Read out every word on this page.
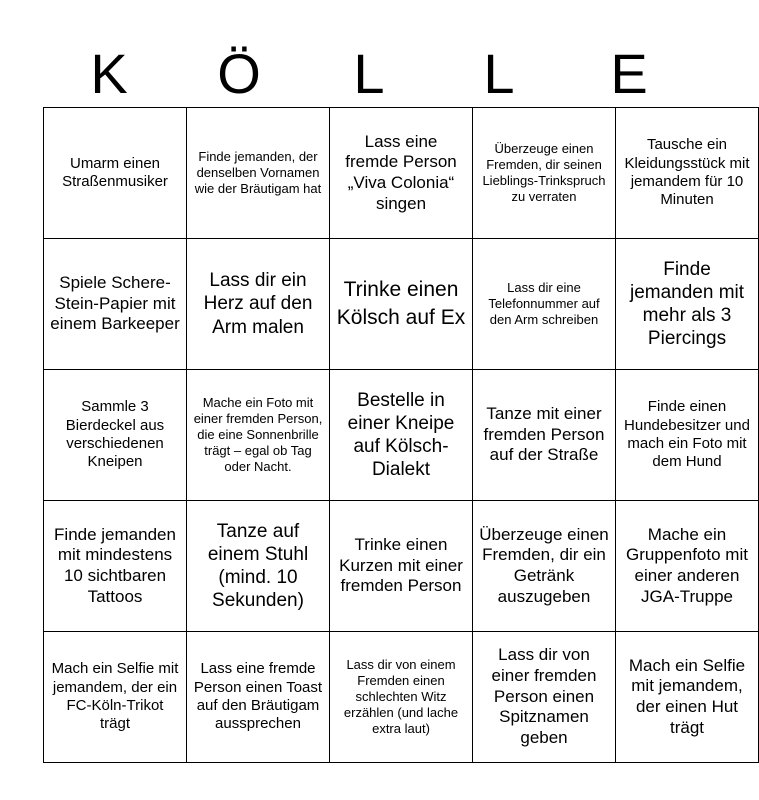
K	Ö	L	L	E
Umarm einen Straßenmusiker	Finde jemanden, der denselben Vornamen wie der Bräutigam hat	Lass eine fremde Person „Viva Colonia“ singen	Überzeuge einen Fremden, dir seinen Lieblings-Trinkspruch zu verraten	Tausche ein Kleidungsstück mit jemandem für 10 Minuten
Spiele Schere-Stein-Papier mit einem Barkeeper	Lass dir ein Herz auf den Arm malen	Trinke einen Kölsch auf Ex	Lass dir eine Telefonnummer auf den Arm schreiben	Finde jemanden mit mehr als 3 Piercings
Sammle 3 Bierdeckel aus verschiedenen Kneipen	Mache ein Foto mit einer fremden Person, die eine Sonnenbrille trägt – egal ob Tag oder Nacht.	Bestelle in einer Kneipe auf Kölsch-Dialekt	Tanze mit einer fremden Person auf der Straße	Finde einen Hundebesitzer und mach ein Foto mit dem Hund
Finde jemanden mit mindestens 10 sichtbaren Tattoos	Tanze auf einem Stuhl (mind. 10 Sekunden)	Trinke einen Kurzen mit einer fremden Person	Überzeuge einen Fremden, dir ein Getränk auszugeben	Mache ein Gruppenfoto mit einer anderen JGA-Truppe
Mach ein Selfie mit jemandem, der ein FC-Köln-Trikot trägt	Lass eine fremde Person einen Toast auf den Bräutigam aussprechen	Lass dir von einem Fremden einen schlechten Witz erzählen (und lache extra laut)	Lass dir von einer fremden Person einen Spitznamen geben	Mach ein Selfie mit jemandem, der einen Hut trägt
